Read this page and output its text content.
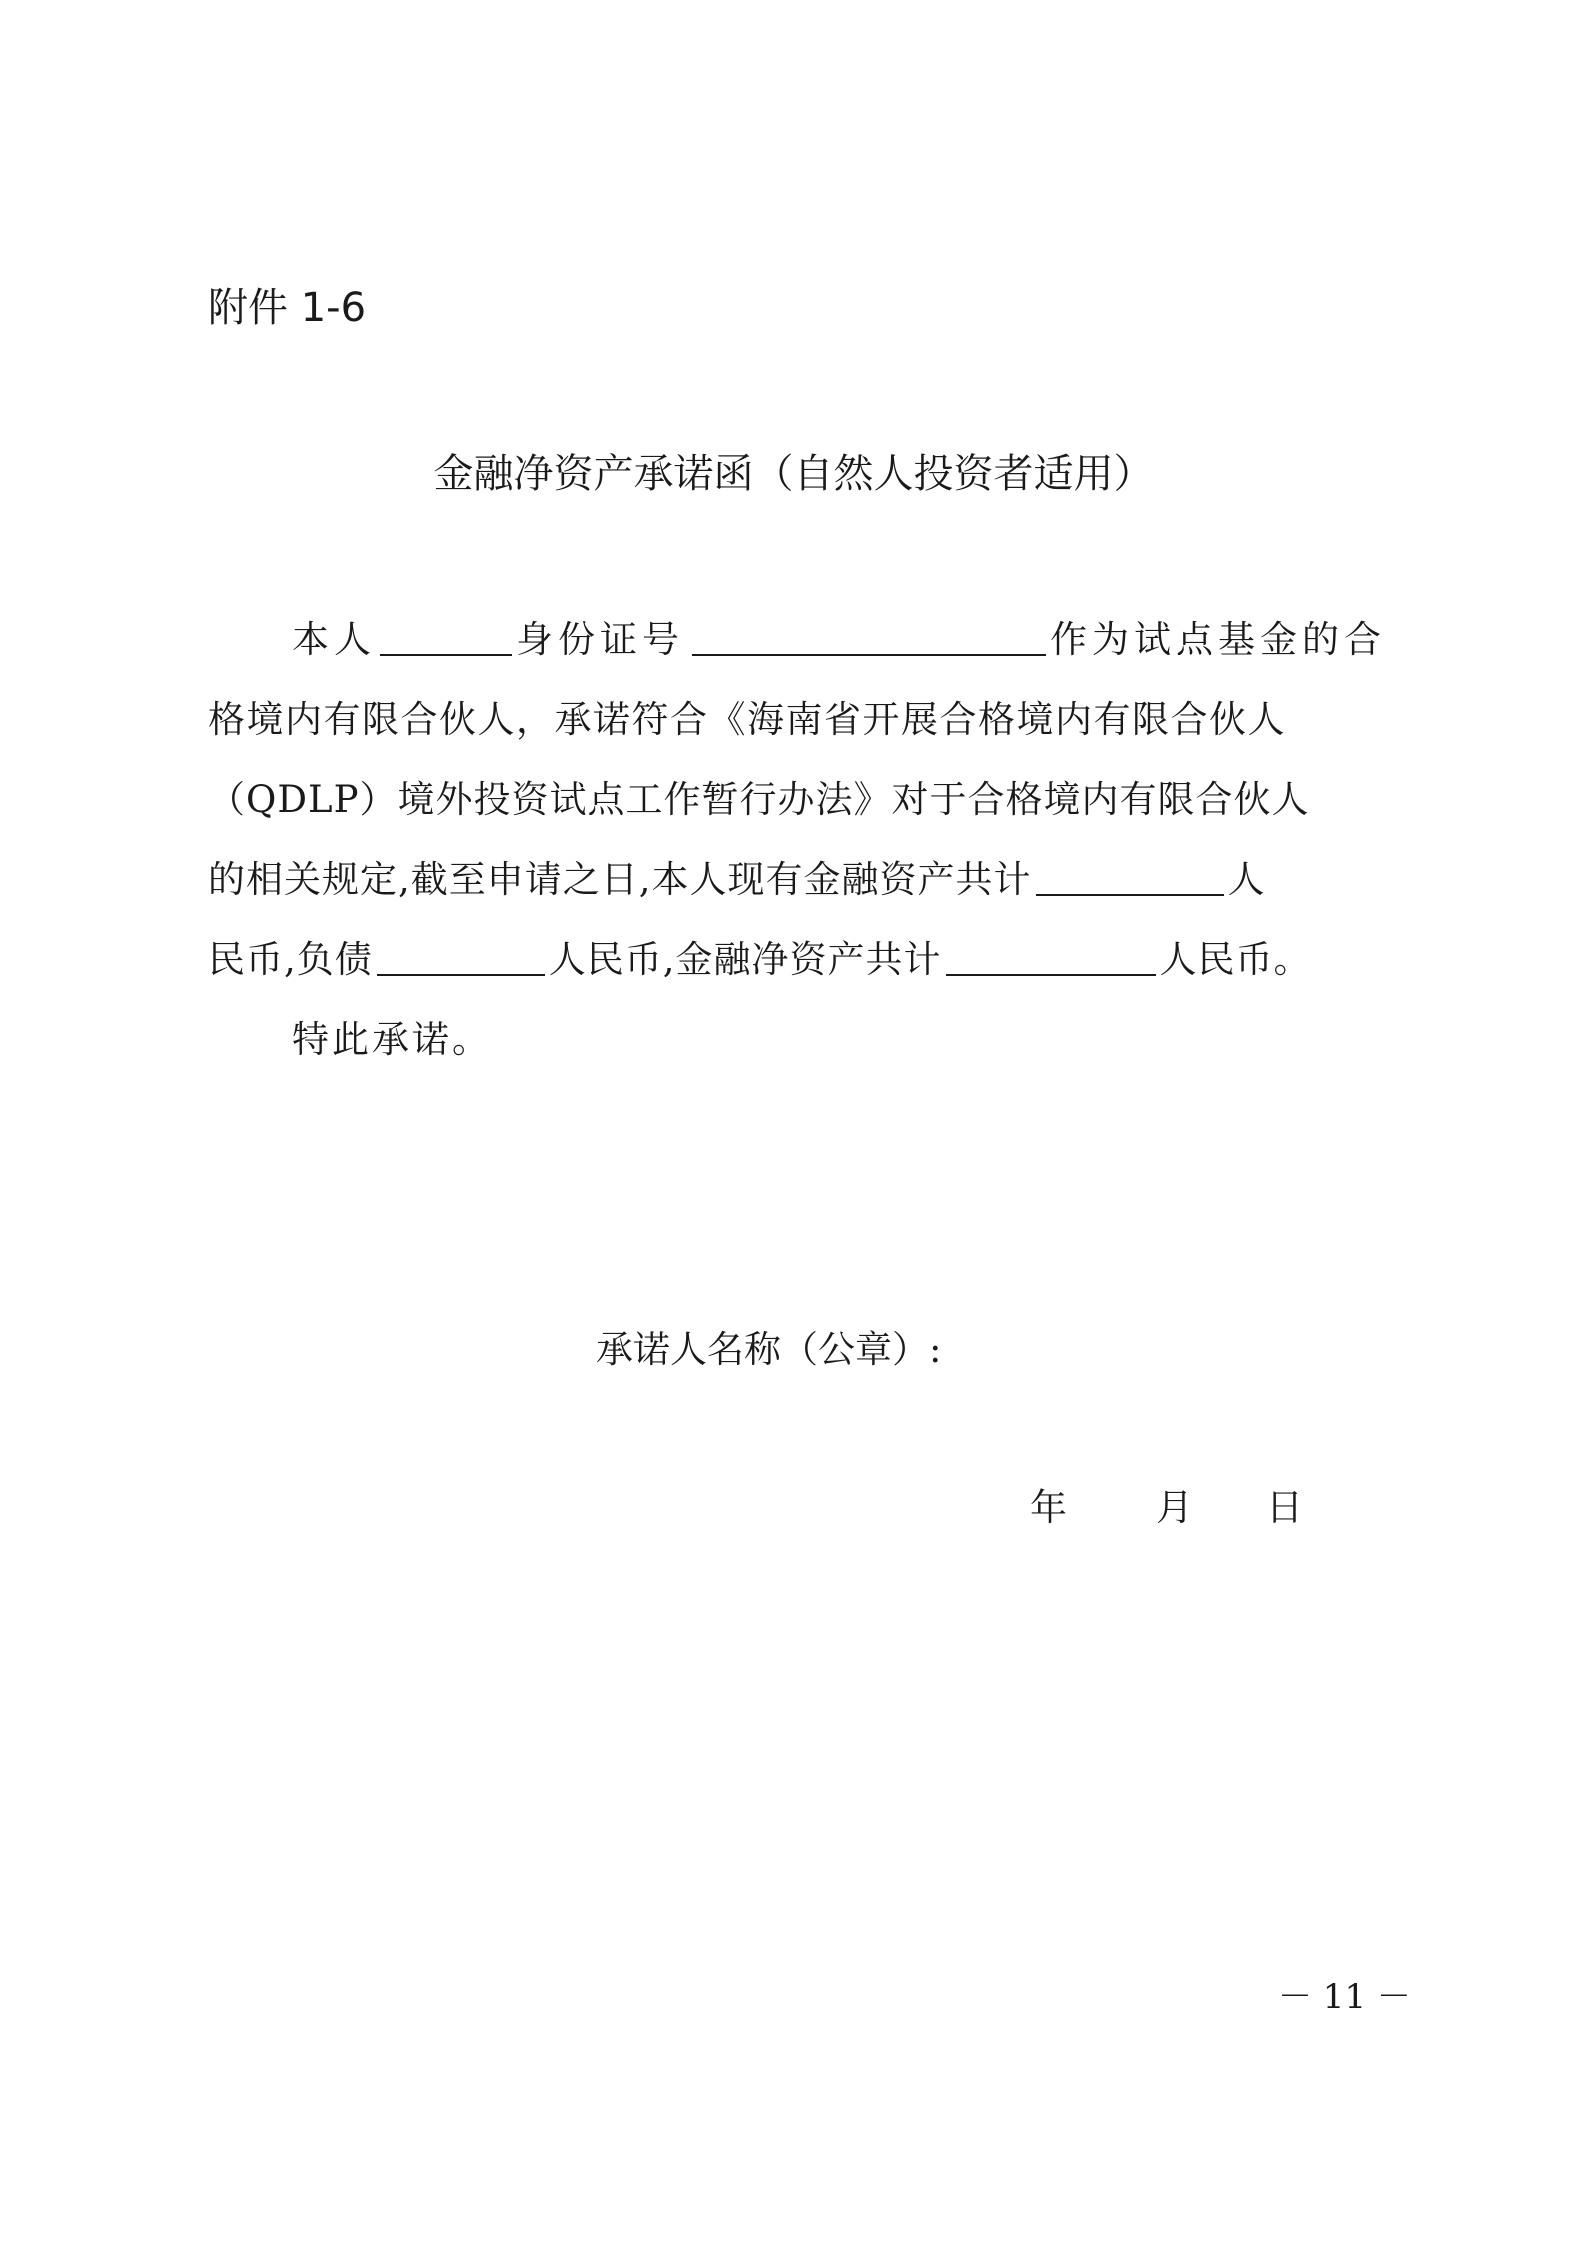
附件 1-6
金融净资产承诺函（自然人投资者适用）
本人	身份证号	作为试点基金的合
格境内有限合伙人，承诺符合《海南省开展合格境内有限合伙人
（QDLP）境外投资试点工作暂行办法》对于合格境内有限合伙人
的相关规定,截至申请之日,本人现有金融资产共计	人
民币,负债	人民币,金融净资产共计	人民币。
特此承诺。
承诺人名称（公章）:
年 月 日
－ 11 －
